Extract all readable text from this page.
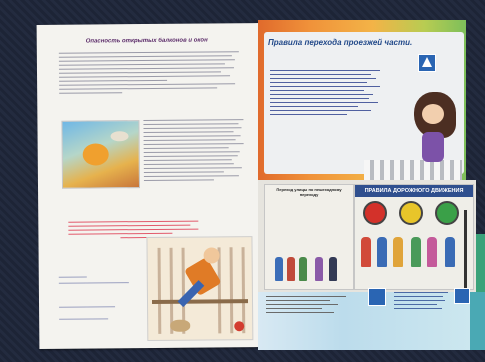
Опасность открытых балконов и окон	Правила перехода проезжей части.
Переход улицы по пешеходному переходу
ПРАВИЛА ДОРОЖНОГО ДВИЖЕНИЯ
